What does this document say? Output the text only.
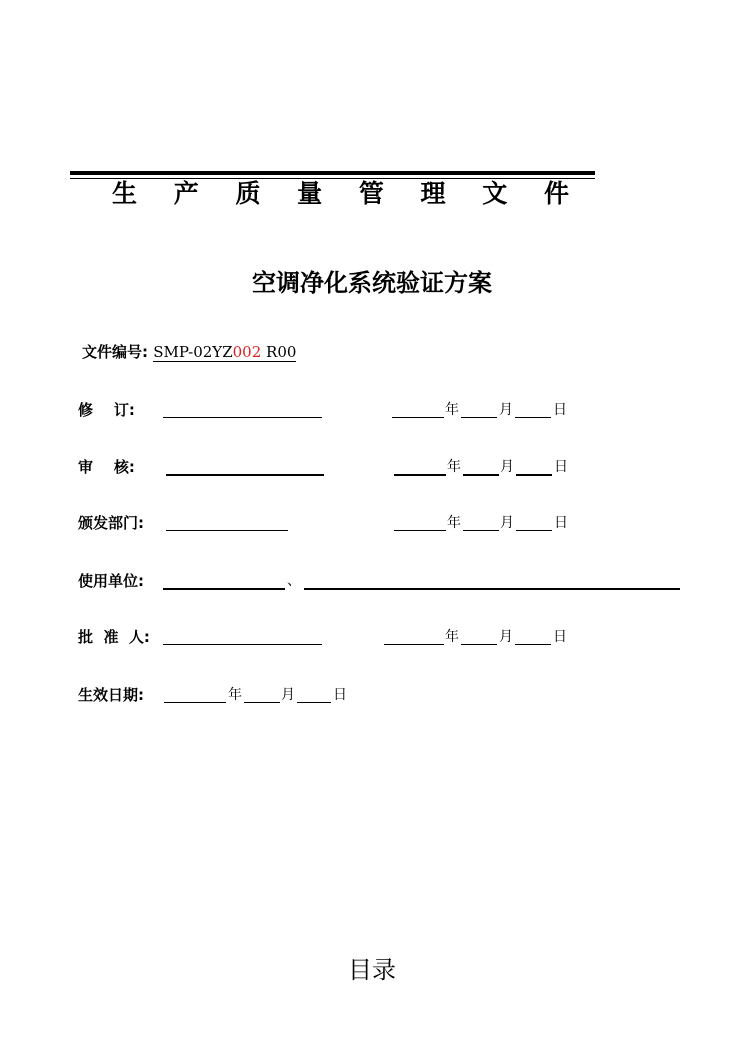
生 产 质 量 管 理 文 件
空调净化系统验证方案
文件编号: SMP-02YZ002 R00
修    订:	年	月	日
审    核:	年	月	日
颁发部门:	年	月	日
使用单位:	、
批  准  人:	年	月	日
生效日期:	年	月	日
目录
